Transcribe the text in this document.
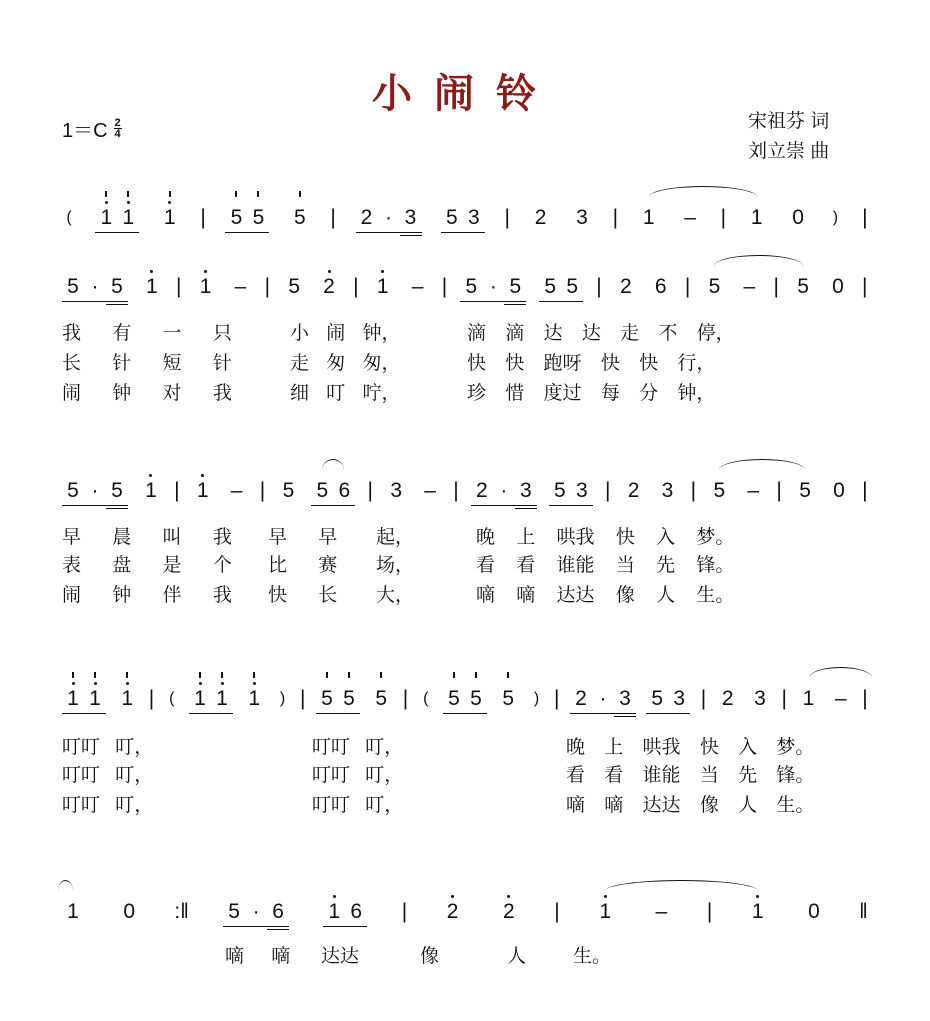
小闹铃
$1=C \frac{2}{4}$	宋祖芬 词
刘立崇 曲
( 1 1 1 | 5 5 5 | 2 · 3 5 3 | 2 3 | 1 – | 1 0	) |
5 · 5 1 | 1 – | 5 2 | 1 – | 5 · 5 5 5 | 2 6 | 5 – | 5 0 |
5 · 5 1 | 1 – | 5 5 6 | 3 – | 2 · 3 5 3 | 2 3 | 5 – | 5 0 |
1 1 1 | ( 1 1 1	) | 5 5 5 | ( 5 5 5	) | 2 · 3 5 3 | 2 3 | 1 – |
1 0 :‖ 5 · 6 1 6 | 2 2 | 1 – | 1 0 ‖
我 有 一 只	小 闹 钟，	滴 滴 达 达 走 不 停，
长 针 短 针	走 匆 匆，	快 快 跑呀 快 快 行，
闹 钟 对 我	细 叮 咛，	珍 惜 度过 每 分 钟，
早 晨 叫 我 早 早 起，	晚 上 哄我 快 入 梦。
表 盘 是 个 比 赛 场，	看 看 谁能 当 先 锋。
闹 钟 伴 我 快 长 大，	嘀 嘀 达达 像 人 生。
叮叮 叮，	叮叮 叮，	晚 上 哄我 快 入 梦。
叮叮 叮，	叮叮 叮，	看 看 谁能 当 先 锋。
叮叮 叮，	叮叮 叮，	嘀 嘀 达达 像 人 生。
嘀 嘀 达达	像	人 生。
